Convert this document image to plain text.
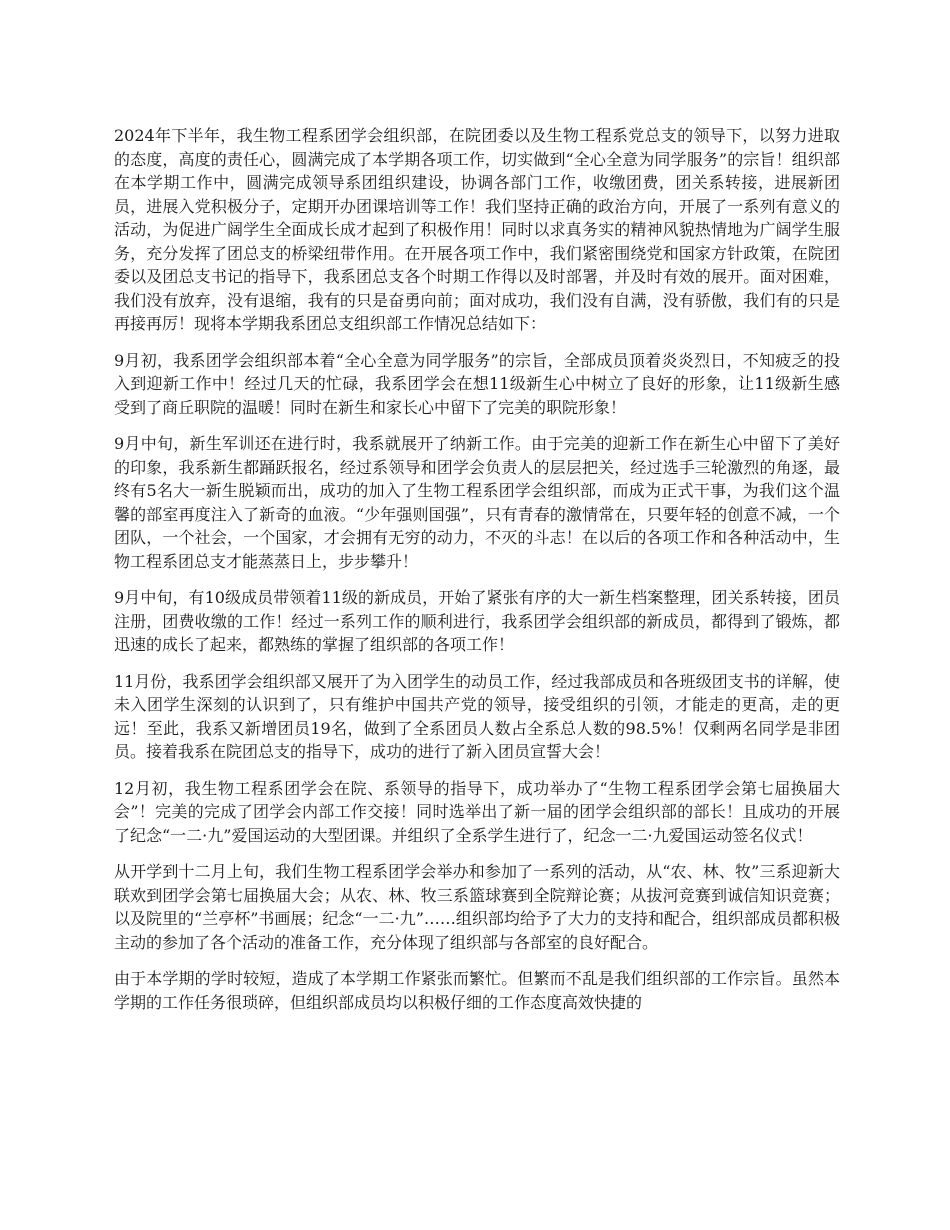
2024年下半年，我生物工程系团学会组织部，在院团委以及生物工程系党总支的领导下，以努力进取的态度，高度的责任心，圆满完成了本学期各项工作，切实做到“全心全意为同学服务”的宗旨！组织部在本学期工作中，圆满完成领导系团组织建设，协调各部门工作，收缴团费，团关系转接，进展新团员，进展入党积极分子，定期开办团课培训等工作！我们坚持正确的政治方向，开展了一系列有意义的活动，为促进广阔学生全面成长成才起到了积极作用！同时以求真务实的精神风貌热情地为广阔学生服务，充分发挥了团总支的桥梁纽带作用。在开展各项工作中，我们紧密围绕党和国家方针政策，在院团委以及团总支书记的指导下，我系团总支各个时期工作得以及时部署，并及时有效的展开。面对困难，我们没有放弃，没有退缩，我有的只是奋勇向前；面对成功，我们没有自满，没有骄傲，我们有的只是再接再厉！现将本学期我系团总支组织部工作情况总结如下：

9月初，我系团学会组织部本着“全心全意为同学服务”的宗旨，全部成员顶着炎炎烈日，不知疲乏的投入到迎新工作中！经过几天的忙碌，我系团学会在想11级新生心中树立了良好的形象，让11级新生感受到了商丘职院的温暖！同时在新生和家长心中留下了完美的职院形象！

9月中旬，新生军训还在进行时，我系就展开了纳新工作。由于完美的迎新工作在新生心中留下了美好的印象，我系新生都踊跃报名，经过系领导和团学会负责人的层层把关，经过选手三轮激烈的角逐，最终有5名大一新生脱颖而出，成功的加入了生物工程系团学会组织部，而成为正式干事，为我们这个温馨的部室再度注入了新奇的血液。“少年强则国强”，只有青春的激情常在，只要年轻的创意不减，一个团队，一个社会，一个国家，才会拥有无穷的动力，不灭的斗志！在以后的各项工作和各种活动中，生物工程系团总支才能蒸蒸日上，步步攀升！

9月中旬，有10级成员带领着11级的新成员，开始了紧张有序的大一新生档案整理，团关系转接，团员注册，团费收缴的工作！经过一系列工作的顺利进行，我系团学会组织部的新成员，都得到了锻炼，都迅速的成长了起来，都熟练的掌握了组织部的各项工作！

11月份，我系团学会组织部又展开了为入团学生的动员工作，经过我部成员和各班级团支书的详解，使未入团学生深刻的认识到了，只有维护中国共产党的领导，接受组织的引领，才能走的更高，走的更远！至此，我系又新增团员19名，做到了全系团员人数占全系总人数的98.5%！仅剩两名同学是非团员。接着我系在院团总支的指导下，成功的进行了新入团员宣誓大会！

12月初，我生物工程系团学会在院、系领导的指导下，成功举办了“生物工程系团学会第七届换届大会”！完美的完成了团学会内部工作交接！同时选举出了新一届的团学会组织部的部长！且成功的开展了纪念“一二·九”爱国运动的大型团课。并组织了全系学生进行了，纪念一二·九爱国运动签名仪式！

从开学到十二月上旬，我们生物工程系团学会举办和参加了一系列的活动，从“农、林、牧”三系迎新大联欢到团学会第七届换届大会；从农、林、牧三系篮球赛到全院辩论赛；从拔河竞赛到诚信知识竞赛；以及院里的“兰亭杯”书画展；纪念“一二·九”……组织部均给予了大力的支持和配合，组织部成员都积极主动的参加了各个活动的准备工作，充分体现了组织部与各部室的良好配合。

由于本学期的学时较短，造成了本学期工作紧张而繁忙。但繁而不乱是我们组织部的工作宗旨。虽然本学期的工作任务很琐碎，但组织部成员均以积极仔细的工作态度高效快捷的
